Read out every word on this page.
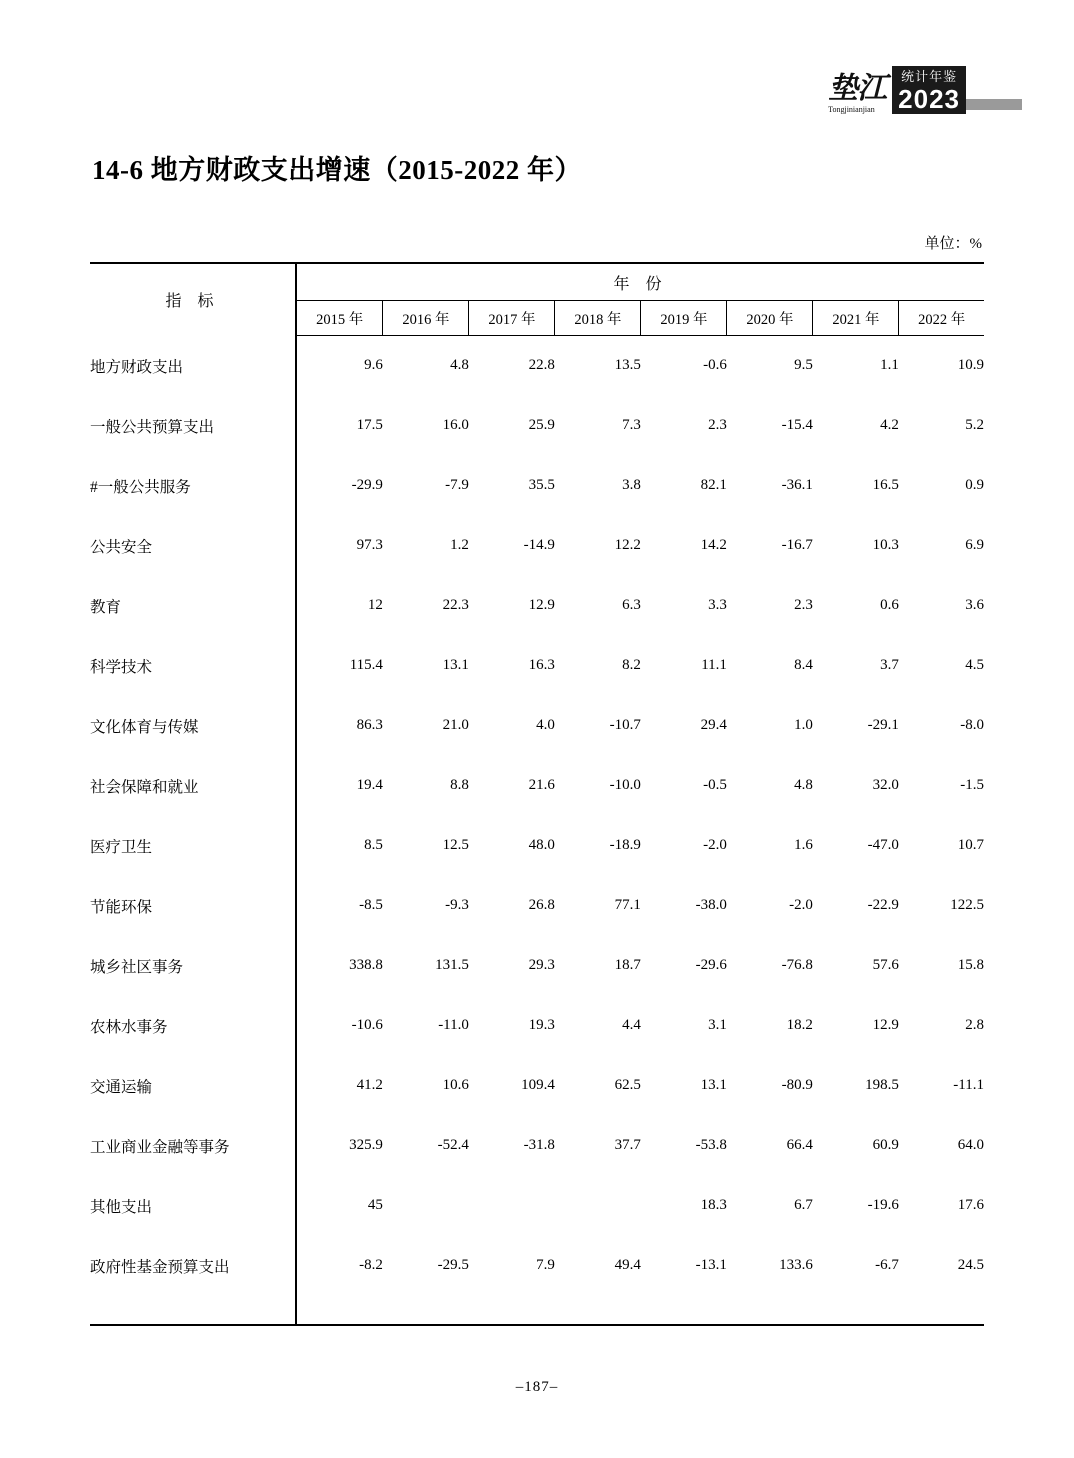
垫江
Tongjinianjian
统计年鉴
2023
14-6 地方财政支出增速（2015-2022 年）
单位：%
指 标	年 份							
	2015 年	2016 年	2017 年	2018 年	2019 年	2020 年	2021 年	2022 年
地方财政支出	9.6	4.8	22.8	13.5	-0.6	9.5	1.1	10.9
一般公共预算支出	17.5	16.0	25.9	7.3	2.3	-15.4	4.2	5.2
#一般公共服务	-29.9	-7.9	35.5	3.8	82.1	-36.1	16.5	0.9
公共安全	97.3	1.2	-14.9	12.2	14.2	-16.7	10.3	6.9
教育	12	22.3	12.9	6.3	3.3	2.3	0.6	3.6
科学技术	115.4	13.1	16.3	8.2	11.1	8.4	3.7	4.5
文化体育与传媒	86.3	21.0	4.0	-10.7	29.4	1.0	-29.1	-8.0
社会保障和就业	19.4	8.8	21.6	-10.0	-0.5	4.8	32.0	-1.5
医疗卫生	8.5	12.5	48.0	-18.9	-2.0	1.6	-47.0	10.7
节能环保	-8.5	-9.3	26.8	77.1	-38.0	-2.0	-22.9	122.5
城乡社区事务	338.8	131.5	29.3	18.7	-29.6	-76.8	57.6	15.8
农林水事务	-10.6	-11.0	19.3	4.4	3.1	18.2	12.9	2.8
交通运输	41.2	10.6	109.4	62.5	13.1	-80.9	198.5	-11.1
工业商业金融等事务	325.9	-52.4	-31.8	37.7	-53.8	66.4	60.9	64.0
其他支出	45				18.3	6.7	-19.6	17.6
政府性基金预算支出	-8.2	-29.5	7.9	49.4	-13.1	133.6	-6.7	24.5

–187–
